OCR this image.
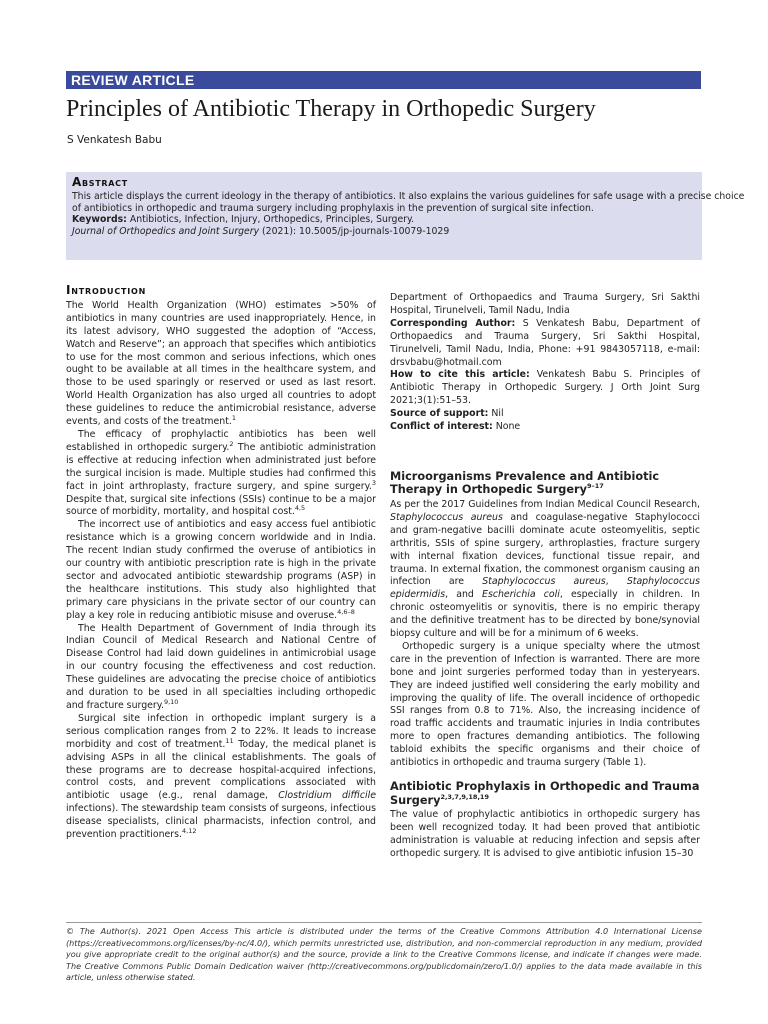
REVIEW ARTICLE
Principles of Antibiotic Therapy in Orthopedic Surgery
S Venkatesh Babu
Abstract

This article displays the current ideology in the therapy of antibiotics. It also explains the various guidelines for safe usage with a precise choice

of antibiotics in orthopedic and trauma surgery including prophylaxis in the prevention of surgical site infection.

Keywords: Antibiotics, Infection, Injury, Orthopedics, Principles, Surgery.

Journal of Orthopedics and Joint Surgery (2021): 10.5005/jp-journals-10079-1029

Introduction

The World Health Organization (WHO) estimates >50% of antibiotics in many countries are used inappropriately. Hence, in its latest advisory, WHO suggested the adoption of “Access, Watch and Reserve”; an approach that specifies which antibiotics to use for the most common and serious infections, which ones ought to be available at all times in the healthcare system, and those to be used sparingly or reserved or used as last resort. World Health Organization has also urged all countries to adopt these guidelines to reduce the antimicrobial resistance, adverse events, and costs of the treatment.$^1$

The efficacy of prophylactic antibiotics has been well established in orthopedic surgery.$^2$ The antibiotic administration is effective at reducing infection when administrated just before the surgical incision is made. Multiple studies had confirmed this fact in joint arthroplasty, fracture surgery, and spine surgery.$^3$ Despite that, surgical site infections (SSIs) continue to be a major source of morbidity, mortality, and hospital cost.$^{4,5}$

The incorrect use of antibiotics and easy access fuel antibiotic resistance which is a growing concern worldwide and in India. The recent Indian study confirmed the overuse of antibiotics in our country with antibiotic prescription rate is high in the private sector and advocated antibiotic stewardship programs (ASP) in the healthcare institutions. This study also highlighted that primary care physicians in the private sector of our country can play a key role in reducing antibiotic misuse and overuse.$^{4,6-8}$

The Health Department of Government of India through its Indian Council of Medical Research and National Centre of Disease Control had laid down guidelines in antimicrobial usage in our country focusing the effectiveness and cost reduction. These guidelines are advocating the precise choice of antibiotics and duration to be used in all specialties including orthopedic and fracture surgery.$^{9,10}$

Surgical site infection in orthopedic implant surgery is a serious complication ranges from 2 to 22%. It leads to increase morbidity and cost of treatment.$^{11}$ Today, the medical planet is advising ASPs in all the clinical establishments. The goals of these programs are to decrease hospital-acquired infections, control costs, and prevent complications associated with antibiotic usage (e.g., renal damage, Clostridium difficile infections). The stewardship team consists of surgeons, infectious disease specialists, clinical pharmacists, infection control, and prevention practitioners.$^{4,12}$

Department of Orthopaedics and Trauma Surgery, Sri Sakthi Hospital, Tirunelveli, Tamil Nadu, India

Corresponding Author: S Venkatesh Babu, Department of Orthopaedics and Trauma Surgery, Sri Sakthi Hospital, Tirunelveli, Tamil Nadu, India, Phone: +91 9843057118, e-mail: drsvbabu@hotmail.com

How to cite this article: Venkatesh Babu S. Principles of Antibiotic Therapy in Orthopedic Surgery. J Orth Joint Surg 2021;3(1):51–53.

Source of support: Nil

Conflict of interest: None

Microorganisms Prevalence and Antibiotic Therapy in Orthopedic Surgery$^{9-17}$

As per the 2017 Guidelines from Indian Medical Council Research, Staphylococcus aureus and coagulase-negative Staphylococci and gram-negative bacilli dominate acute osteomyelitis, septic arthritis, SSIs of spine surgery, arthroplasties, fracture surgery with internal fixation devices, functional tissue repair, and trauma. In external fixation, the commonest organism causing an infection are Staphylococcus aureus, Staphylococcus epidermidis, and Escherichia coli, especially in children. In chronic osteomyelitis or synovitis, there is no empiric therapy and the definitive treatment has to be directed by bone/synovial biopsy culture and will be for a minimum of 6 weeks.

Orthopedic surgery is a unique specialty where the utmost care in the prevention of Infection is warranted. There are more bone and joint surgeries performed today than in yesteryears. They are indeed justified well considering the early mobility and improving the quality of life. The overall incidence of orthopedic SSI ranges from 0.8 to 71%. Also, the increasing incidence of road traffic accidents and traumatic injuries in India contributes more to open fractures demanding antibiotics. The following tabloid exhibits the specific organisms and their choice of antibiotics in orthopedic and trauma surgery (Table 1).

Antibiotic Prophylaxis in Orthopedic and Trauma Surgery$^{2,3,7,9,18,19}$

The value of prophylactic antibiotics in orthopedic surgery has been well recognized today. It had been proved that antibiotic administration is valuable at reducing infection and sepsis after orthopedic surgery. It is advised to give antibiotic infusion 15–30

© The Author(s). 2021 Open Access This article is distributed under the terms of the Creative Commons Attribution 4.0 International License (https://creativecommons.org/licenses/by-nc/4.0/), which permits unrestricted use, distribution, and non-commercial reproduction in any medium, provided you give appropriate credit to the original author(s) and the source, provide a link to the Creative Commons license, and indicate if changes were made. The Creative Commons Public Domain Dedication waiver (http://creativecommons.org/publicdomain/zero/1.0/) applies to the data made available in this article, unless otherwise stated.
